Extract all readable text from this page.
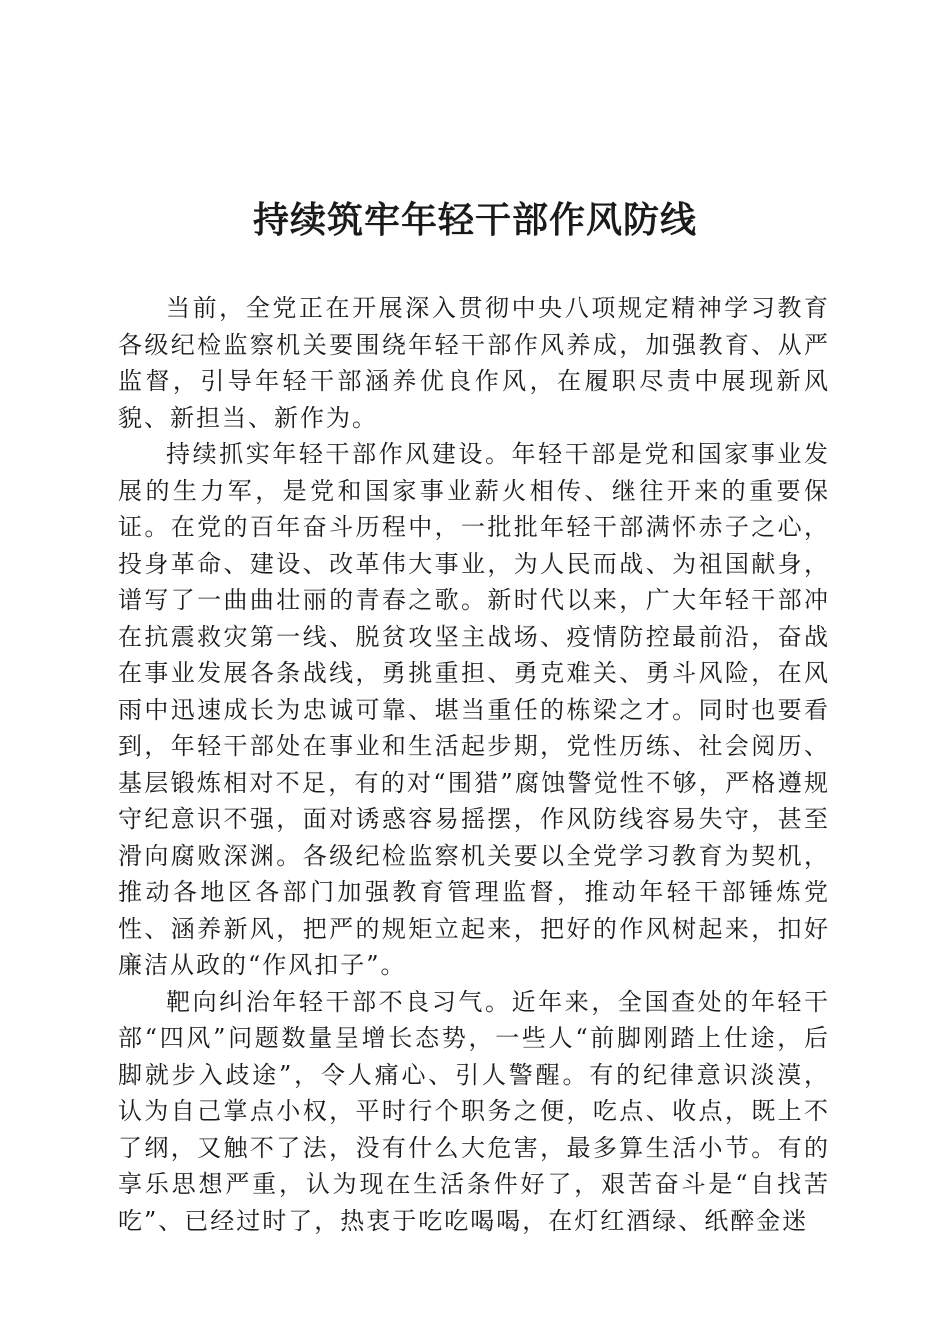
持续筑牢年轻干部作风防线

当前，全党正在开展深入贯彻中央八项规定精神学习教育各级纪检监察机关要围绕年轻干部作风养成，加强教育、从严监督，引导年轻干部涵养优良作风，在履职尽责中展现新风貌、新担当、新作为。

持续抓实年轻干部作风建设。年轻干部是党和国家事业发展的生力军，是党和国家事业薪火相传、继往开来的重要保证。在党的百年奋斗历程中，一批批年轻干部满怀赤子之心，投身革命、建设、改革伟大事业，为人民而战、为祖国献身，谱写了一曲曲壮丽的青春之歌。新时代以来，广大年轻干部冲在抗震救灾第一线、脱贫攻坚主战场、疫情防控最前沿，奋战在事业发展各条战线，勇挑重担、勇克难关、勇斗风险，在风雨中迅速成长为忠诚可靠、堪当重任的栋梁之才。同时也要看到，年轻干部处在事业和生活起步期，党性历练、社会阅历、基层锻炼相对不足，有的对“围猎”腐蚀警觉性不够，严格遵规守纪意识不强，面对诱惑容易摇摆，作风防线容易失守，甚至滑向腐败深渊。各级纪检监察机关要以全党学习教育为契机，推动各地区各部门加强教育管理监督，推动年轻干部锤炼党性、涵养新风，把严的规矩立起来，把好的作风树起来，扣好廉洁从政的“作风扣子”。

靶向纠治年轻干部不良习气。近年来，全国查处的年轻干部“四风”问题数量呈增长态势，一些人“前脚刚踏上仕途，后脚就步入歧途”，令人痛心、引人警醒。有的纪律意识淡漠，认为自己掌点小权，平时行个职务之便，吃点、收点，既上不了纲，又触不了法，没有什么大危害，最多算生活小节。有的享乐思想严重，认为现在生活条件好了，艰苦奋斗是“自找苦吃”、已经过时了，热衷于吃吃喝喝，在灯红酒绿、纸醉金迷
